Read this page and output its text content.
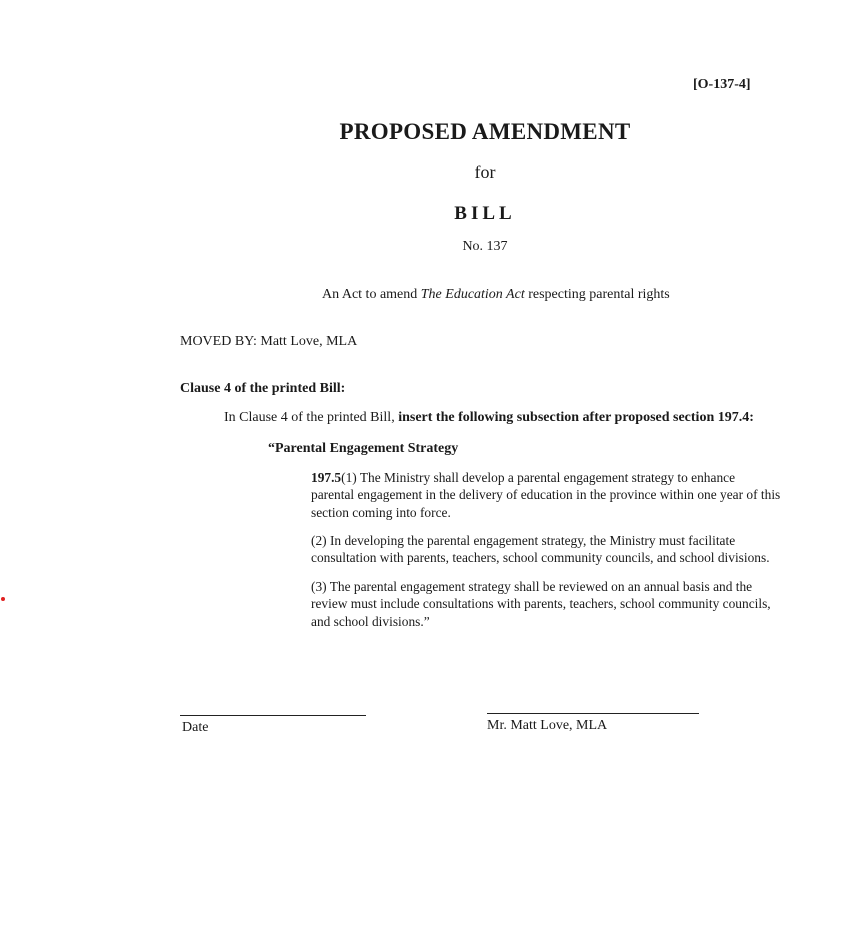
[O-137-4]
PROPOSED AMENDMENT
for
BILL
No. 137
An Act to amend The Education Act respecting parental rights
MOVED BY: Matt Love, MLA
Clause 4 of the printed Bill:
In Clause 4 of the printed Bill, insert the following subsection after proposed section 197.4:
“Parental Engagement Strategy
197.5(1) The Ministry shall develop a parental engagement strategy to enhance parental engagement in the delivery of education in the province within one year of this section coming into force.
(2) In developing the parental engagement strategy, the Ministry must facilitate consultation with parents, teachers, school community councils, and school divisions.
(3) The parental engagement strategy shall be reviewed on an annual basis and the review must include consultations with parents, teachers, school community councils, and school divisions.”
Date	Mr. Matt Love, MLA
